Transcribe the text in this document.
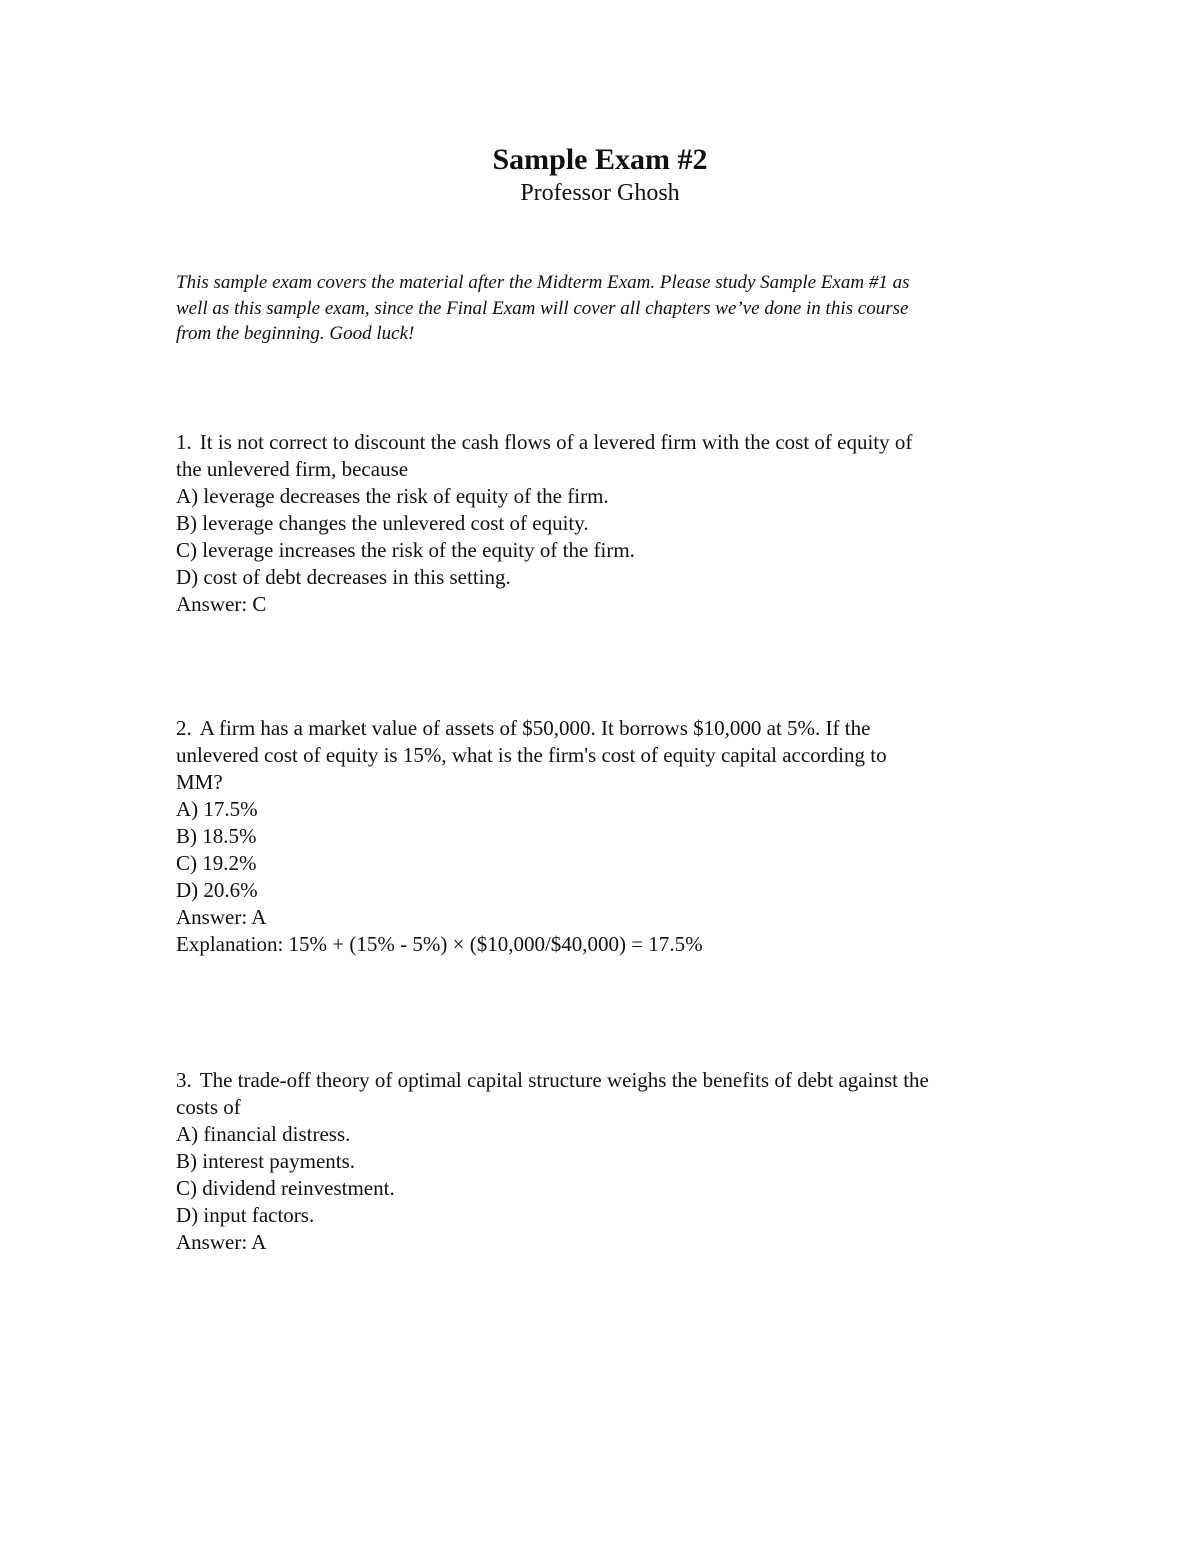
Sample Exam #2
Professor Ghosh
This sample exam covers the material after the Midterm Exam. Please study Sample Exam #1 as
well as this sample exam, since the Final Exam will cover all chapters we’ve done in this course
from the beginning. Good luck!
1. It is not correct to discount the cash flows of a levered firm with the cost of equity of
the unlevered firm, because
A) leverage decreases the risk of equity of the firm.
B) leverage changes the unlevered cost of equity.
C) leverage increases the risk of the equity of the firm.
D) cost of debt decreases in this setting.
Answer: C
2. A firm has a market value of assets of $50,000. It borrows $10,000 at 5%. If the
unlevered cost of equity is 15%, what is the firm's cost of equity capital according to
MM?
A) 17.5%
B) 18.5%
C) 19.2%
D) 20.6%
Answer: A
Explanation: 15% + (15% - 5%) × ($10,000/$40,000) = 17.5%
3. The trade-off theory of optimal capital structure weighs the benefits of debt against the
costs of
A) financial distress.
B) interest payments.
C) dividend reinvestment.
D) input factors.
Answer: A
